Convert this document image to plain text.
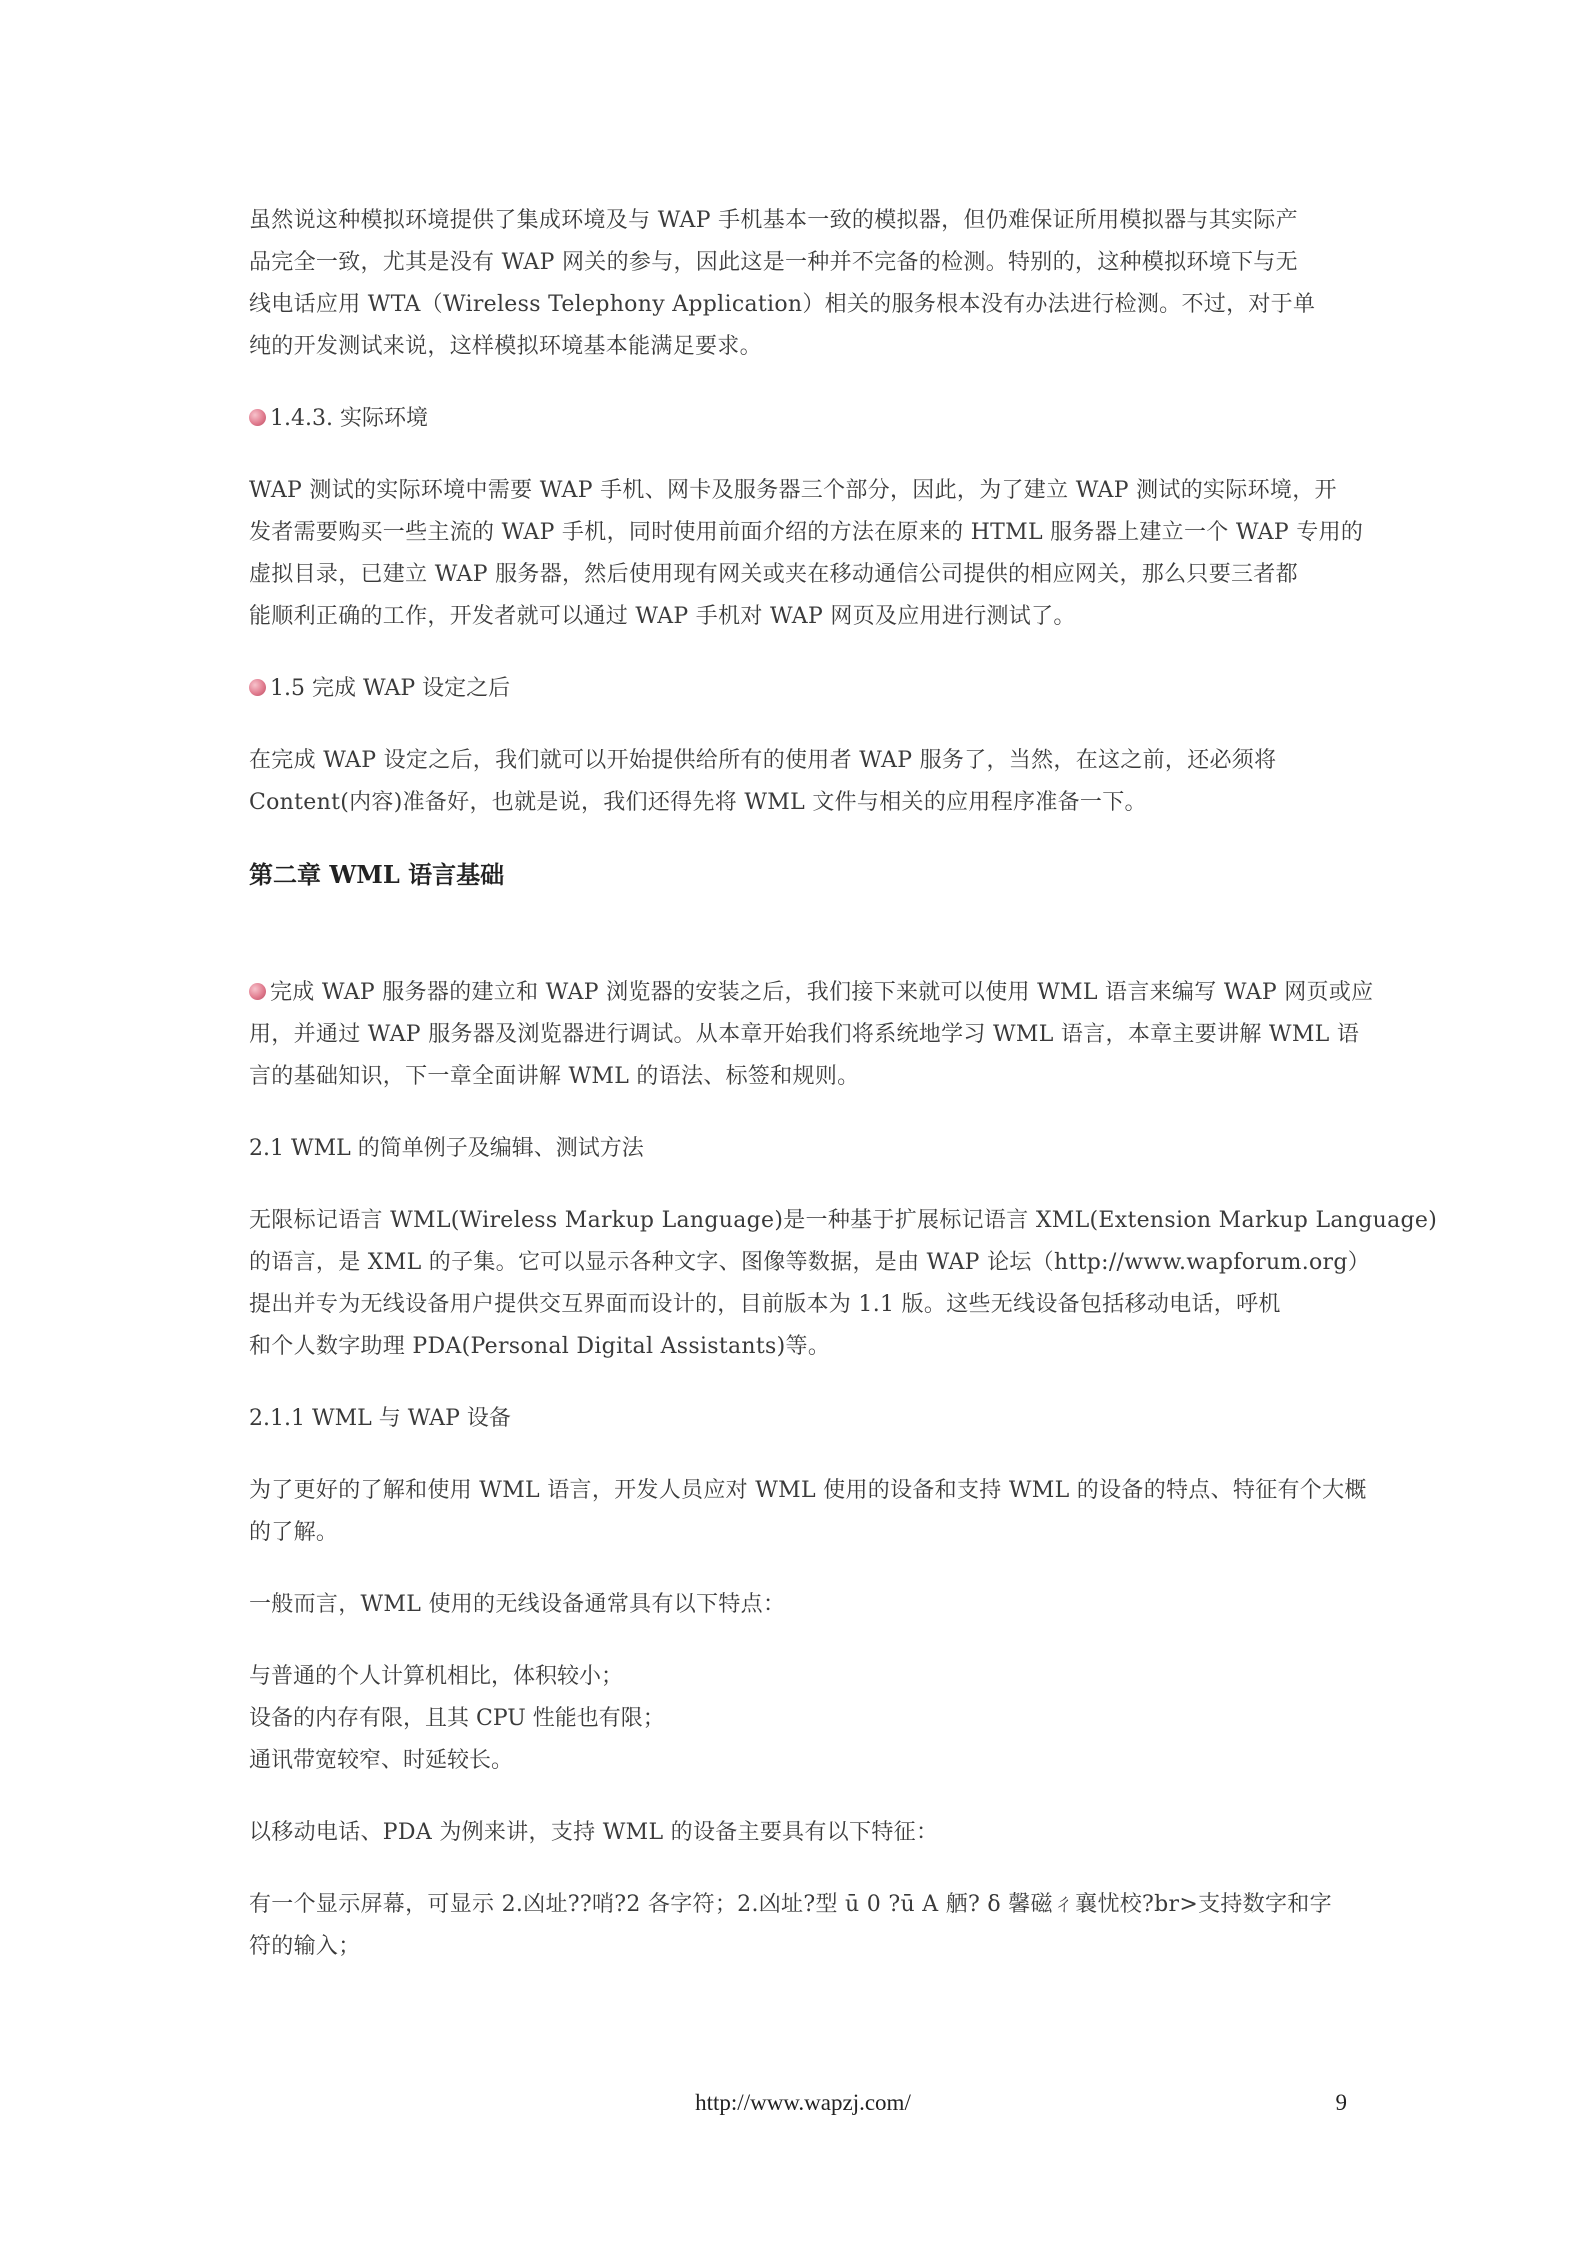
虽然说这种模拟环境提供了集成环境及与 WAP 手机基本一致的模拟器，但仍难保证所用模拟器与其实际产
品完全一致，尤其是没有 WAP 网关的参与，因此这是一种并不完备的检测。特别的，这种模拟环境下与无
线电话应用 WTA（Wireless Telephony Application）相关的服务根本没有办法进行检测。不过，对于单
纯的开发测试来说，这样模拟环境基本能满足要求。
1.4.3. 实际环境
WAP 测试的实际环境中需要 WAP 手机、网卡及服务器三个部分，因此，为了建立 WAP 测试的实际环境，开
发者需要购买一些主流的 WAP 手机，同时使用前面介绍的方法在原来的 HTML 服务器上建立一个 WAP 专用的
虚拟目录，已建立 WAP 服务器，然后使用现有网关或夹在移动通信公司提供的相应网关，那么只要三者都
能顺利正确的工作，开发者就可以通过 WAP 手机对 WAP 网页及应用进行测试了。
1.5 完成 WAP 设定之后
在完成 WAP 设定之后，我们就可以开始提供给所有的使用者 WAP 服务了，当然，在这之前，还必须将
Content(内容)准备好，也就是说，我们还得先将 WML 文件与相关的应用程序准备一下。
第二章 WML 语言基础
完成 WAP 服务器的建立和 WAP 浏览器的安装之后，我们接下来就可以使用 WML 语言来编写 WAP 网页或应
用，并通过 WAP 服务器及浏览器进行调试。从本章开始我们将系统地学习 WML 语言，本章主要讲解 WML 语
言的基础知识，下一章全面讲解 WML 的语法、标签和规则。
2.1 WML 的简单例子及编辑、测试方法
无限标记语言 WML(Wireless Markup Language)是一种基于扩展标记语言 XML(Extension Markup Language)
的语言，是 XML 的子集。它可以显示各种文字、图像等数据，是由 WAP 论坛（http://www.wapforum.org）
提出并专为无线设备用户提供交互界面而设计的，目前版本为 1.1 版。这些无线设备包括移动电话，呼机
和个人数字助理 PDA(Personal Digital Assistants)等。
2.1.1 WML 与 WAP 设备
为了更好的了解和使用 WML 语言，开发人员应对 WML 使用的设备和支持 WML 的设备的特点、特征有个大概
的了解。
一般而言，WML 使用的无线设备通常具有以下特点：
与普通的个人计算机相比，体积较小；
设备的内存有限，且其 CPU 性能也有限；
通讯带宽较窄、时延较长。
以移动电话、PDA 为例来讲，支持 WML 的设备主要具有以下特征：
有一个显示屏幕，可显示 2.凶址??哨?2 各字符；2.凶址?型 ū 0 ?ū A 舾? δ 馨磁ㄔ襄忧校?br>支持数字和字
符的输入；
http://www.wapzj.com/	9
